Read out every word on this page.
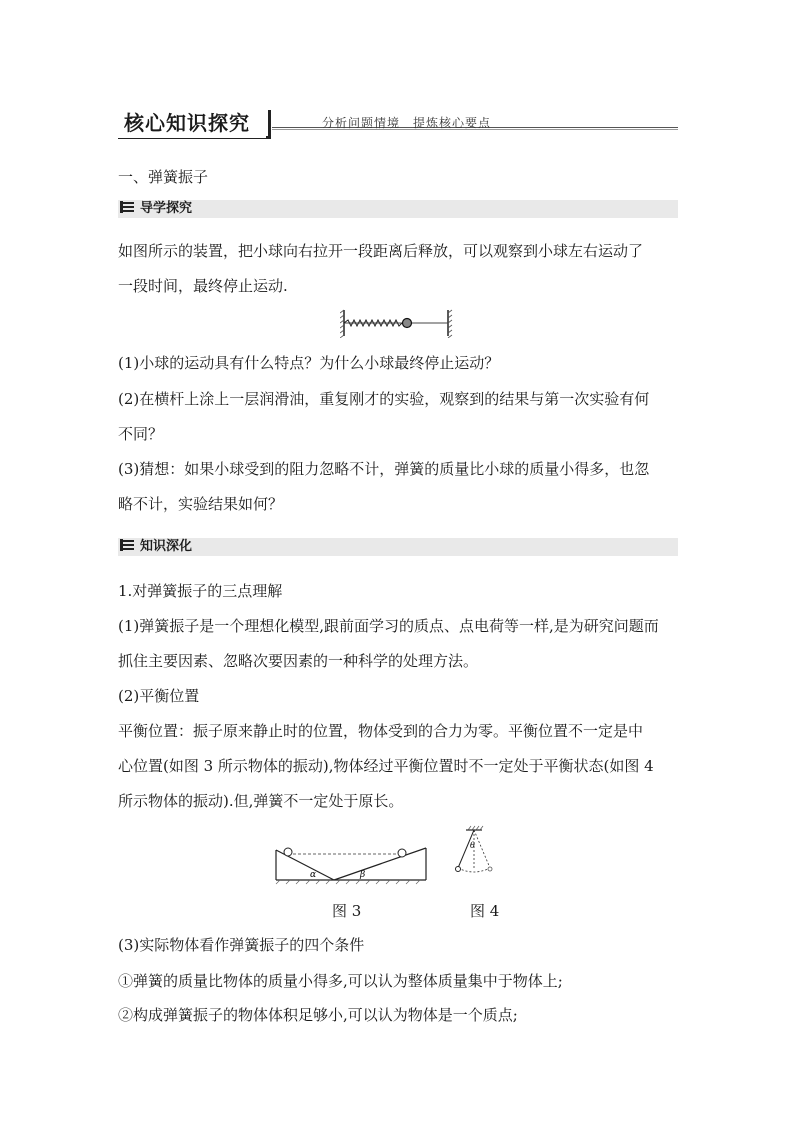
核心知识探究	分析问题情境　提炼核心要点
一、弹簧振子
导学探究
如图所示的装置，把小球向右拉开一段距离后释放，可以观察到小球左右运动了
一段时间，最终停止运动.
(1)小球的运动具有什么特点？为什么小球最终停止运动？
(2)在横杆上涂上一层润滑油，重复刚才的实验，观察到的结果与第一次实验有何
不同？
(3)猜想：如果小球受到的阻力忽略不计，弹簧的质量比小球的质量小得多，也忽
略不计，实验结果如何？
知识深化
1.对弹簧振子的三点理解
(1)弹簧振子是一个理想化模型,跟前面学习的质点、点电荷等一样,是为研究问题而
抓住主要因素、忽略次要因素的一种科学的处理方法。
(2)平衡位置
平衡位置：振子原来静止时的位置，物体受到的合力为零。平衡位置不一定是中
心位置(如图 3 所示物体的振动),物体经过平衡位置时不一定处于平衡状态(如图 4
所示物体的振动).但,弹簧不一定处于原长。
α	β
θ
图 3	图 4
(3)实际物体看作弹簧振子的四个条件
①弹簧的质量比物体的质量小得多,可以认为整体质量集中于物体上;
②构成弹簧振子的物体体积足够小,可以认为物体是一个质点;
